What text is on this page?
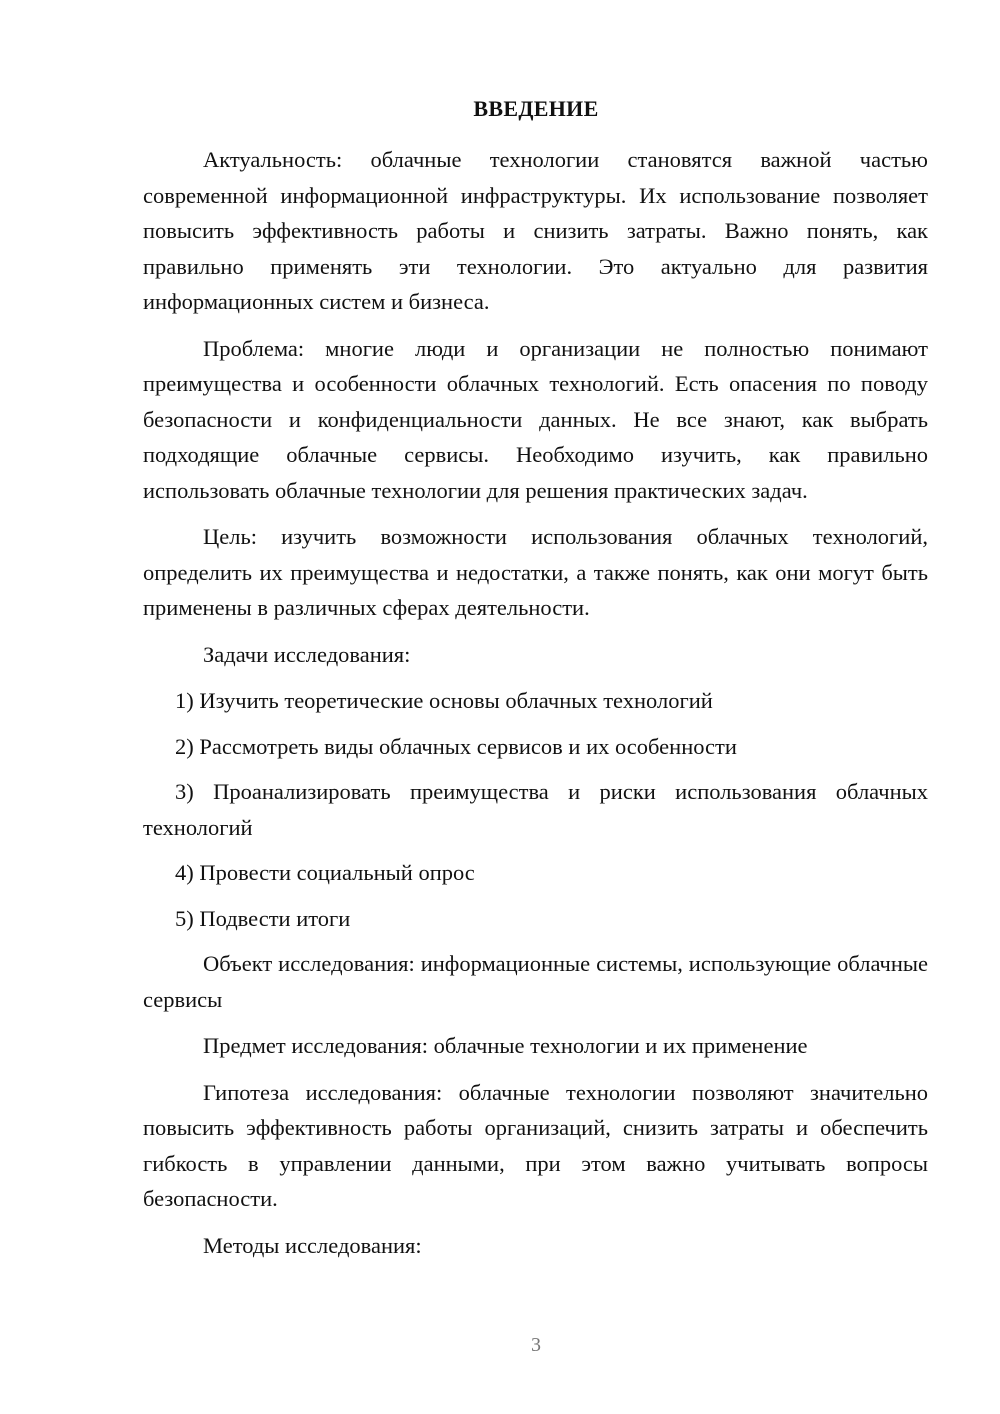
ВВЕДЕНИЕ

Актуальность: облачные технологии становятся важной частью современной информационной инфраструктуры. Их использование позволяет повысить эффективность работы и снизить затраты. Важно понять, как правильно применять эти технологии. Это актуально для развития информационных систем и бизнеса.

Проблема: многие люди и организации не полностью понимают преимущества и особенности облачных технологий. Есть опасения по поводу безопасности и конфиденциальности данных. Не все знают, как выбрать подходящие облачные сервисы. Необходимо изучить, как правильно использовать облачные технологии для решения практических задач.

Цель: изучить возможности использования облачных технологий, определить их преимущества и недостатки, а также понять, как они могут быть применены в различных сферах деятельности.

Задачи исследования:

1) Изучить теоретические основы облачных технологий

2) Рассмотреть виды облачных сервисов и их особенности

3) Проанализировать преимущества и риски использования облачных технологий

4) Провести социальный опрос

5) Подвести итоги

Объект исследования: информационные системы, использующие облачные сервисы

Предмет исследования: облачные технологии и их применение

Гипотеза исследования: облачные технологии позволяют значительно повысить эффективность работы организаций, снизить затраты и обеспечить гибкость в управлении данными, при этом важно учитывать вопросы безопасности.

Методы исследования:

3
